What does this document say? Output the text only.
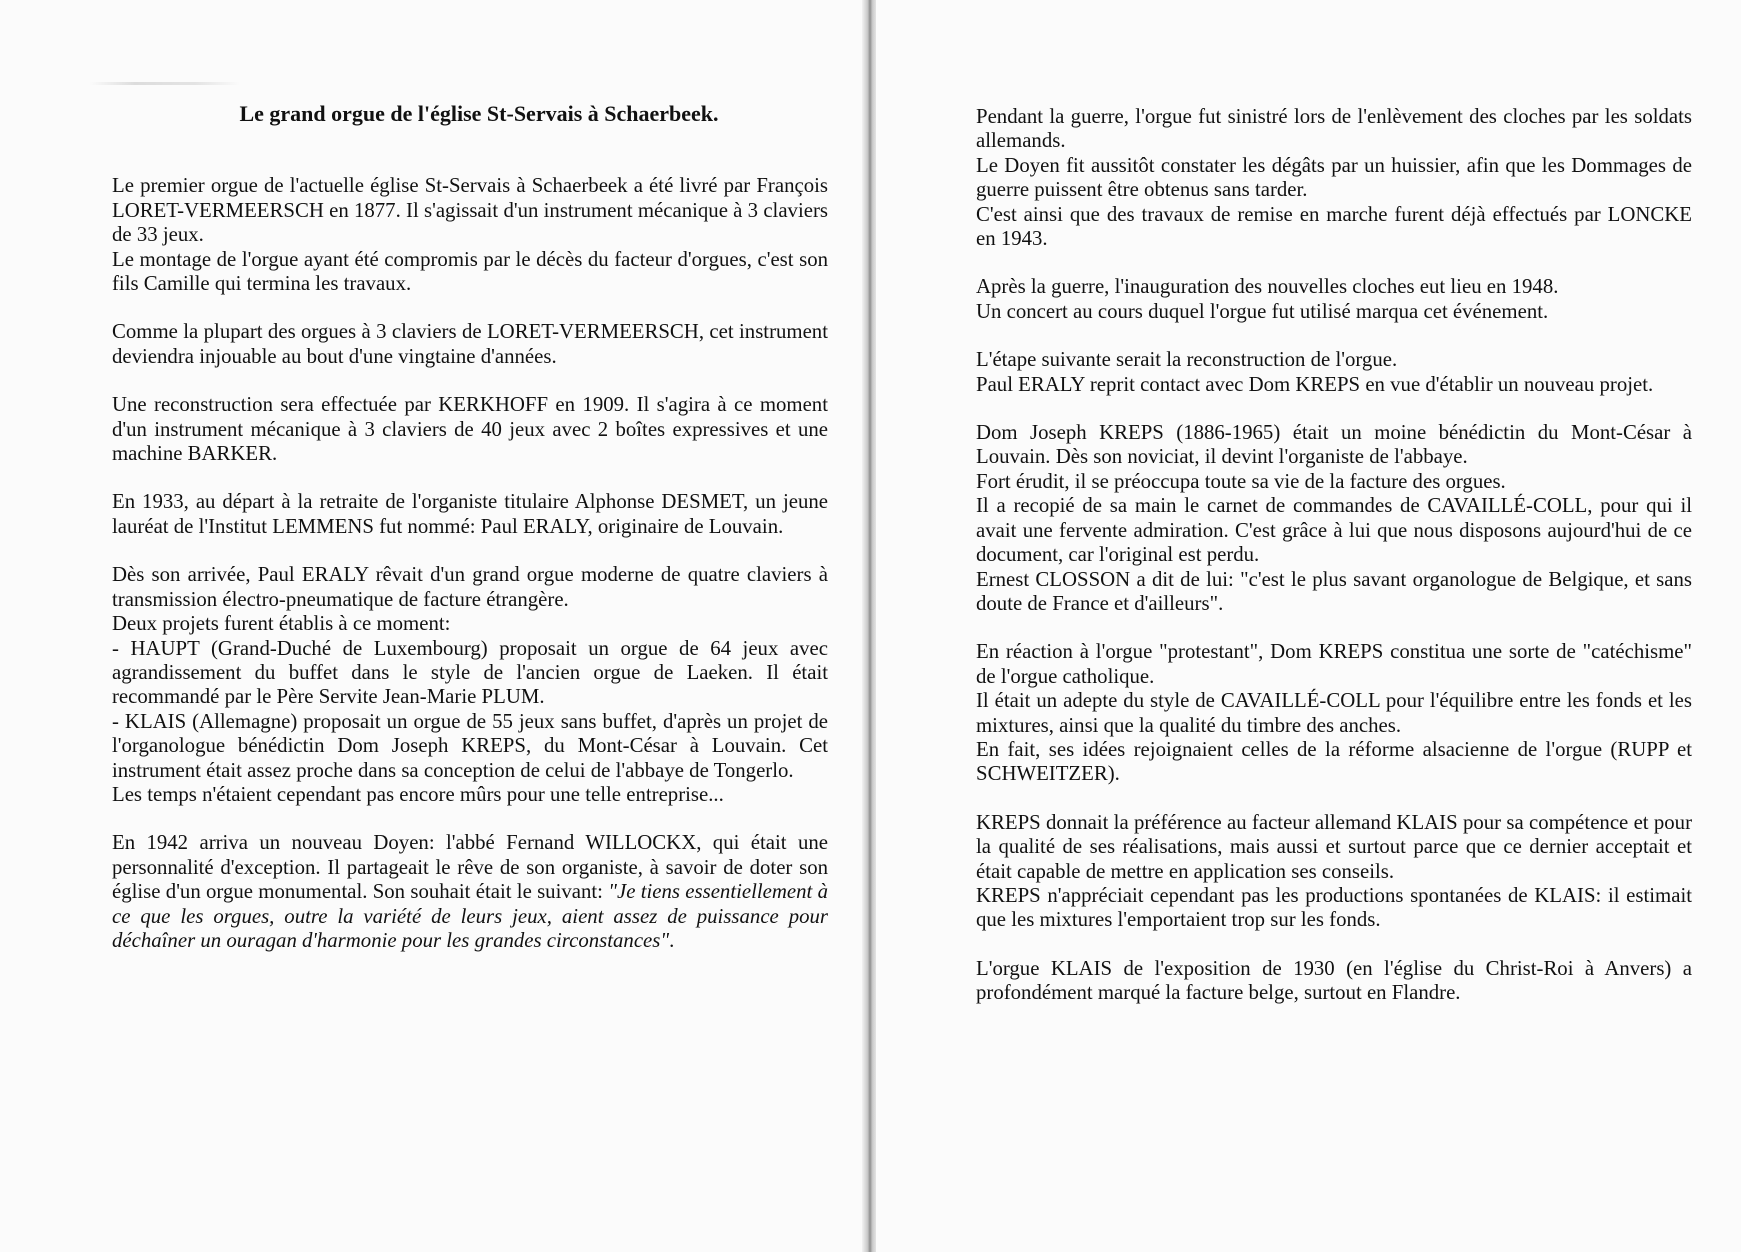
Le grand orgue de l'église St-Servais à Schaerbeek.
Le premier orgue de l'actuelle église St-Servais à Schaerbeek a été livré par François LORET-VERMEERSCH en 1877. Il s'agissait d'un instrument mécanique à 3 claviers de 33 jeux.
Le montage de l'orgue ayant été compromis par le décès du facteur d'orgues, c'est son fils Camille qui termina les travaux.
Comme la plupart des orgues à 3 claviers de LORET-VERMEERSCH, cet instrument deviendra injouable au bout d'une vingtaine d'années.
Une reconstruction sera effectuée par KERKHOFF en 1909. Il s'agira à ce moment d'un instrument mécanique à 3 claviers de 40 jeux avec 2 boîtes expressives et une machine BARKER.
En 1933, au départ à la retraite de l'organiste titulaire Alphonse DESMET, un jeune lauréat de l'Institut LEMMENS fut nommé: Paul ERALY, originaire de Louvain.
Dès son arrivée, Paul ERALY rêvait d'un grand orgue moderne de quatre claviers à transmission électro-pneumatique de facture étrangère.
Deux projets furent établis à ce moment:
- HAUPT (Grand-Duché de Luxembourg) proposait un orgue de 64 jeux avec agrandissement du buffet dans le style de l'ancien orgue de Laeken. Il était recommandé par le Père Servite Jean-Marie PLUM.
- KLAIS (Allemagne) proposait un orgue de 55 jeux sans buffet, d'après un projet de l'organologue bénédictin Dom Joseph KREPS, du Mont-César à Louvain. Cet instrument était assez proche dans sa conception de celui de l'abbaye de Tongerlo.
Les temps n'étaient cependant pas encore mûrs pour une telle entreprise...
En 1942 arriva un nouveau Doyen: l'abbé Fernand WILLOCKX, qui était une personnalité d'exception. Il partageait le rêve de son organiste, à savoir de doter son église d'un orgue monumental. Son souhait était le suivant: "Je tiens essentiellement à ce que les orgues, outre la variété de leurs jeux, aient assez de puissance pour déchaîner un ouragan d'harmonie pour les grandes circonstances".
Pendant la guerre, l'orgue fut sinistré lors de l'enlèvement des cloches par les soldats allemands.
Le Doyen fit aussitôt constater les dégâts par un huissier, afin que les Dommages de guerre puissent être obtenus sans tarder.
C'est ainsi que des travaux de remise en marche furent déjà effectués par LONCKE en 1943.
Après la guerre, l'inauguration des nouvelles cloches eut lieu en 1948.
Un concert au cours duquel l'orgue fut utilisé marqua cet événement.
L'étape suivante serait la reconstruction de l'orgue.
Paul ERALY reprit contact avec Dom KREPS en vue d'établir un nouveau projet.
Dom Joseph KREPS (1886-1965) était un moine bénédictin du Mont-César à Louvain. Dès son noviciat, il devint l'organiste de l'abbaye.
Fort érudit, il se préoccupa toute sa vie de la facture des orgues.
Il a recopié de sa main le carnet de commandes de CAVAILLÉ-COLL, pour qui il avait une fervente admiration. C'est grâce à lui que nous disposons aujourd'hui de ce document, car l'original est perdu.
Ernest CLOSSON a dit de lui: "c'est le plus savant organologue de Belgique, et sans doute de France et d'ailleurs".
En réaction à l'orgue "protestant", Dom KREPS constitua une sorte de "catéchisme" de l'orgue catholique.
Il était un adepte du style de CAVAILLÉ-COLL pour l'équilibre entre les fonds et les mixtures, ainsi que la qualité du timbre des anches.
En fait, ses idées rejoignaient celles de la réforme alsacienne de l'orgue (RUPP et SCHWEITZER).
KREPS donnait la préférence au facteur allemand KLAIS pour sa compétence et pour la qualité de ses réalisations, mais aussi et surtout parce que ce dernier acceptait et était capable de mettre en application ses conseils.
KREPS n'appréciait cependant pas les productions spontanées de KLAIS: il estimait que les mixtures l'emportaient trop sur les fonds.
L'orgue KLAIS de l'exposition de 1930 (en l'église du Christ-Roi à Anvers) a profondément marqué la facture belge, surtout en Flandre.
